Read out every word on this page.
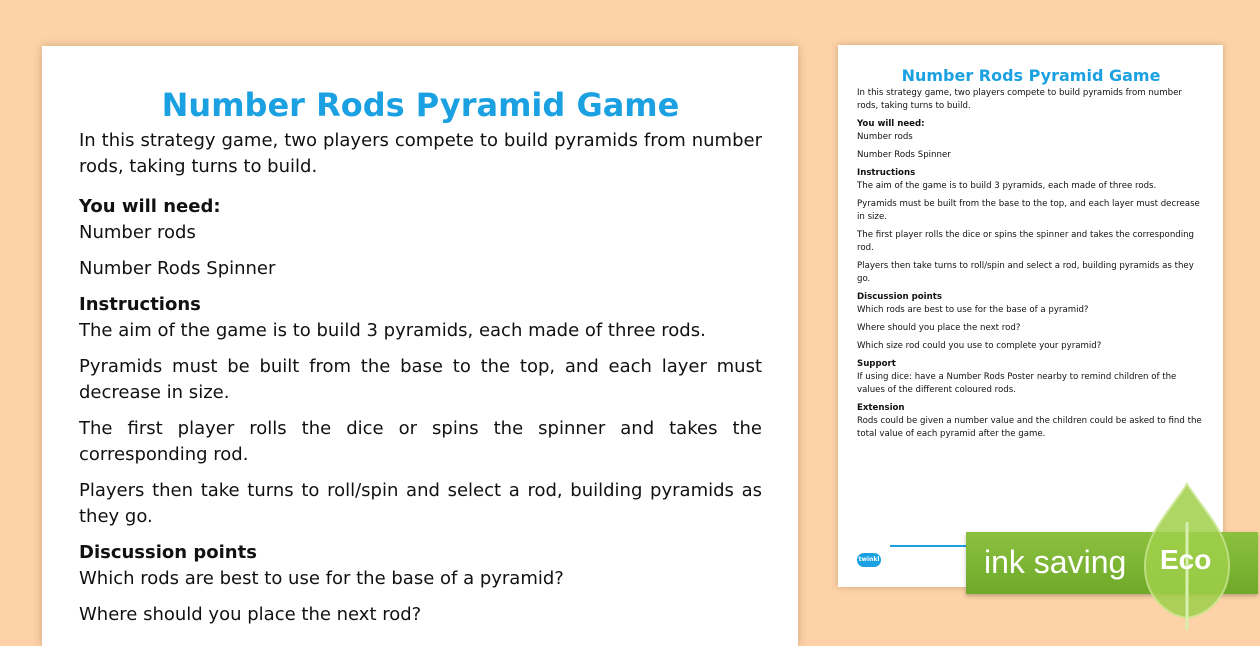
Number Rods Pyramid Game

In this strategy game, two players compete to build pyramids from number rods, taking turns to build.

You will need:

Number rods

Number Rods Spinner

Instructions

The aim of the game is to build 3 pyramids, each made of three rods.

Pyramids must be built from the base to the top, and each layer must decrease in size.

The first player rolls the dice or spins the spinner and takes the corresponding rod.

Players then take turns to roll/spin and select a rod, building pyramids as they go.

Discussion points

Which rods are best to use for the base of a pyramid?

Where should you place the next rod?

Number Rods Pyramid Game

In this strategy game, two players compete to build pyramids from number rods, taking turns to build.

You will need:

Number rods

Number Rods Spinner

Instructions

The aim of the game is to build 3 pyramids, each made of three rods.

Pyramids must be built from the base to the top, and each layer must decrease in size.

The first player rolls the dice or spins the spinner and takes the corresponding rod.

Players then take turns to roll/spin and select a rod, building pyramids as they go.

Discussion points

Which rods are best to use for the base of a pyramid?

Where should you place the next rod?

Which size rod could you use to complete your pyramid?

Support

If using dice: have a Number Rods Poster nearby to remind children of the values of the different coloured rods.

Extension

Rods could be given a number value and the children could be asked to find the total value of each pyramid after the game.

twinkl	ink saving Eco
